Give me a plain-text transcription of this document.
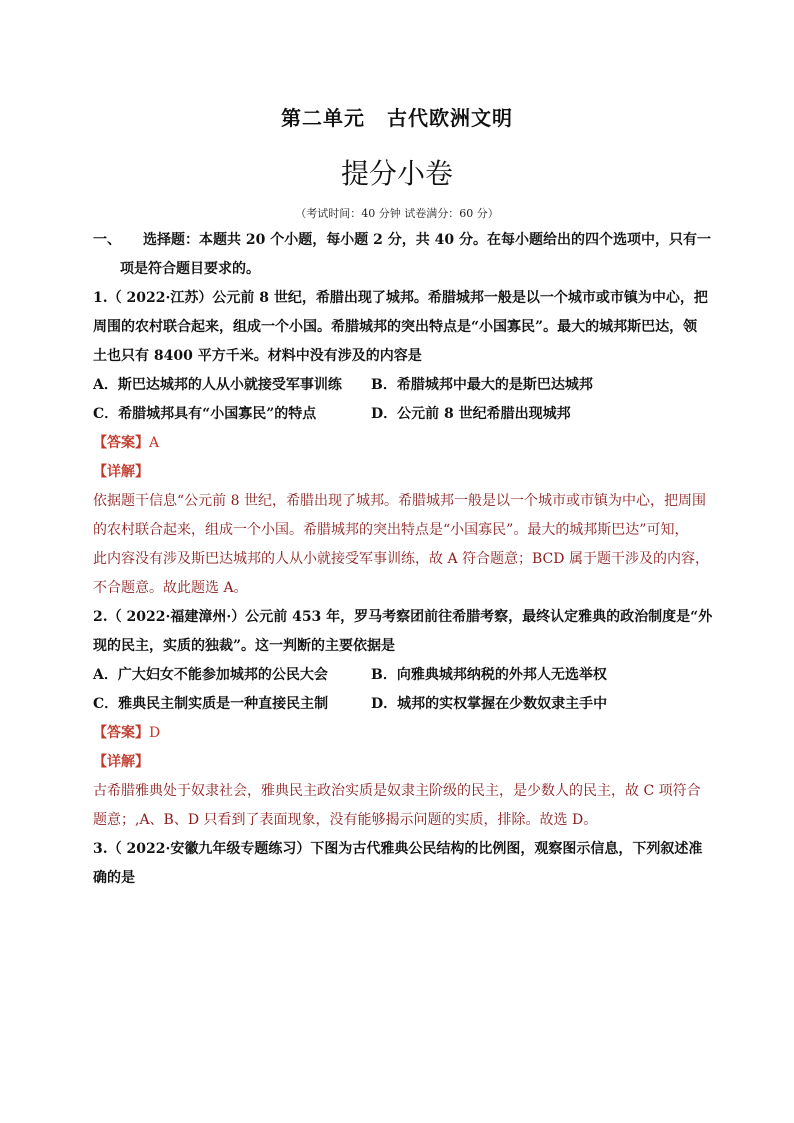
第二单元 古代欧洲文明
提分小卷
（考试时间：40 分钟 试卷满分：60 分）
一、	选择题：本题共 20 个小题，每小题 2 分，共 40 分。在每小题给出的四个选项中，只有一
项是符合题目要求的。
1.（ 2022·江苏）公元前 8 世纪，希腊出现了城邦。希腊城邦一般是以一个城市或市镇为中心，把
周围的农村联合起来，组成一个小国。希腊城邦的突出特点是“小国寡民”。最大的城邦斯巴达，领
土也只有 8400 平方千米。材料中没有涉及的内容是
A．斯巴达城邦的人从小就接受军事训练	B．希腊城邦中最大的是斯巴达城邦
C．希腊城邦具有“小国寡民”的特点	D．公元前 8 世纪希腊出现城邦
【答案】A
【详解】
依据题干信息“公元前 8 世纪，希腊出现了城邦。希腊城邦一般是以一个城市或市镇为中心，把周围
的农村联合起来，组成一个小国。希腊城邦的突出特点是“小国寡民”。最大的城邦斯巴达”可知，
此内容没有涉及斯巴达城邦的人从小就接受军事训练，故 A 符合题意；BCD 属于题干涉及的内容，
不合题意。故此题选 A。
2.（ 2022·福建漳州·）公元前 453 年，罗马考察团前往希腊考察，最终认定雅典的政治制度是“外
现的民主，实质的独裁”。这一判断的主要依据是
A．广大妇女不能参加城邦的公民大会	B．向雅典城邦纳税的外邦人无选举权
C．雅典民主制实质是一种直接民主制	D．城邦的实权掌握在少数奴隶主手中
【答案】D
【详解】
古希腊雅典处于奴隶社会，雅典民主政治实质是奴隶主阶级的民主，是少数人的民主，故 C 项符合
题意；,A、B、D 只看到了表面现象，没有能够揭示问题的实质，排除。故选 D。
3.（ 2022·安徽九年级专题练习）下图为古代雅典公民结构的比例图，观察图示信息，下列叙述准
确的是
